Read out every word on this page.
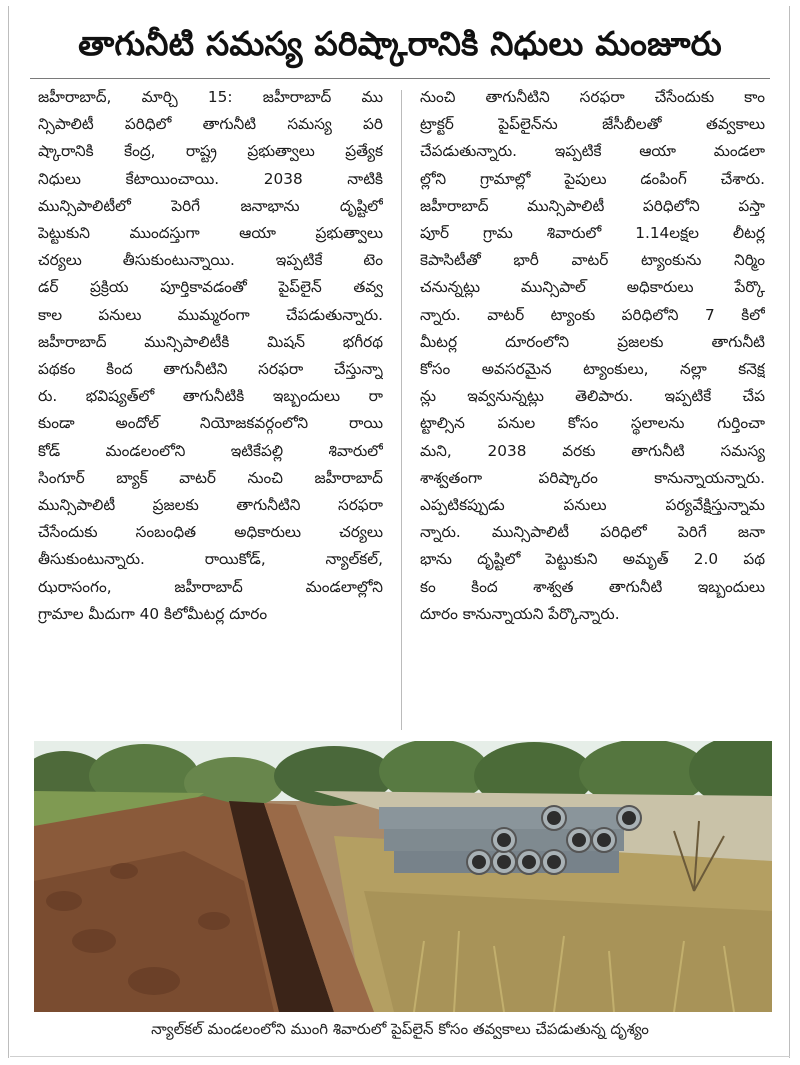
తాగునీటి సమస్య పరిష్కారానికి నిధులు మంజూరు
జహీరాబాద్, మార్చి 15: జహీరాబాద్ ము
న్సిపాలిటీ పరిధిలో తాగునీటి సమస్య పరి
ష్కారానికి కేంద్ర, రాష్ట్ర ప్రభుత్వాలు ప్రత్యేక
నిధులు కేటాయించాయి. 2038 నాటికి
మున్సిపాలిటీలో పెరిగే జనాభాను దృష్టిలో
పెట్టుకుని ముందస్తుగా ఆయా ప్రభుత్వాలు
చర్యలు తీసుకుంటున్నాయి. ఇప్పటికే టెం
డర్ ప్రక్రియ పూర్తికావడంతో పైప్‌లైన్ తవ్వ
కాల పనులు ముమ్మరంగా చేపడుతున్నారు.
జహీరాబాద్ మున్సిపాలిటీకి మిషన్ భగీరథ
పథకం కింద తాగునీటిని సరఫరా చేస్తున్నా
రు. భవిష్యత్‌లో తాగునీటికి ఇబ్బందులు రా
కుండా అందోల్ నియోజకవర్గంలోని రాయి
కోడ్ మండలంలోని ఇటికేపల్లి శివారులో
సింగూర్ బ్యాక్ వాటర్ నుంచి జహీరాబాద్
మున్సిపాలిటీ ప్రజలకు తాగునీటిని సరఫరా
చేసేందుకు సంబంధిత అధికారులు చర్యలు
తీసుకుంటున్నారు. రాయికోడ్, న్యాల్‌కల్,
ఝరాసంగం, జహీరాబాద్ మండలాల్లోని
గ్రామాల మీదుగా 40 కిలోమీటర్ల దూరం
నుంచి తాగునీటిని సరఫరా చేసేందుకు కాం
ట్రాక్టర్ పైప్‌లైన్‌ను జేసీబీలతో తవ్వకాలు
చేపడుతున్నారు. ఇప్పటికే ఆయా మండలా
ల్లోని గ్రామాల్లో పైపులు డంపింగ్ చేశారు.
జహీరాబాద్ మున్సిపాలిటీ పరిధిలోని పస్తా
పూర్ గ్రామ శివారులో 1.14లక్షల లీటర్ల
కెపాసిటీతో భారీ వాటర్ ట్యాంకును నిర్మిం
చనున్నట్లు మున్సిపాల్ అధికారులు పేర్కొ
న్నారు. వాటర్ ట్యాంకు పరిధిలోని 7 కిలో
మీటర్ల దూరంలోని ప్రజలకు తాగునీటి
కోసం అవసరమైన ట్యాంకులు, నల్లా కనెక్ష
న్లు ఇవ్వనున్నట్లు తెలిపారు. ఇప్పటికే చేప
ట్టాల్సిన పనుల కోసం స్థలాలను గుర్తించా
మని, 2038 వరకు తాగునీటి సమస్య
శాశ్వతంగా పరిష్కారం కానున్నాయన్నారు.
ఎప్పటికప్పుడు పనులు పర్యవేక్షిస్తున్నామ
న్నారు. మున్సిపాలిటీ పరిధిలో పెరిగే జనా
భాను దృష్టిలో పెట్టుకుని అమృత్ 2.0 పథ
కం కింద శాశ్వత తాగునీటి ఇబ్బందులు
దూరం కానున్నాయని పేర్కొన్నారు.
న్యాల్‌కల్ మండలంలోని ముంగి శివారులో పైప్‌లైన్ కోసం తవ్వకాలు చేపడుతున్న దృశ్యం
